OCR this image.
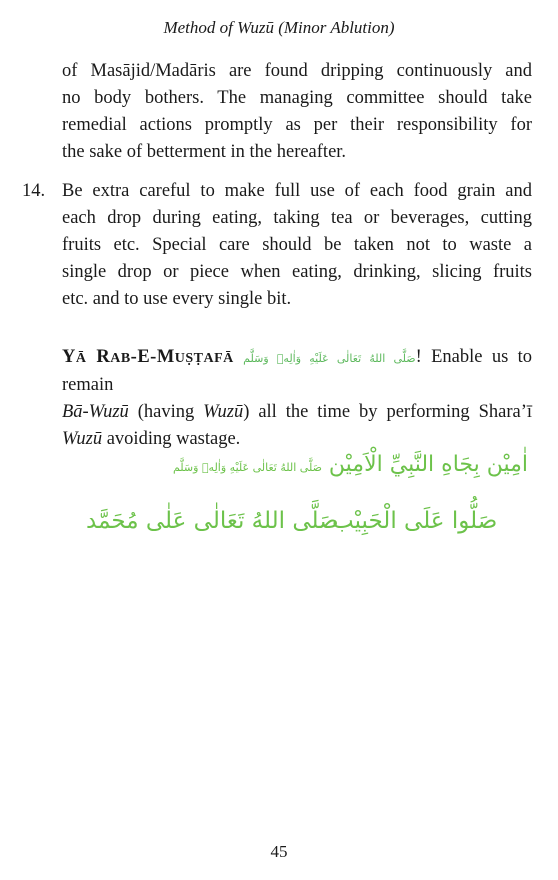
Method of Wuzū (Minor Ablution)
of Masājid/Madāris are found dripping continuously and
no body bothers. The managing committee should take
remedial actions promptly as per their responsibility for
the sake of betterment in the hereafter.
14. Be extra careful to make full use of each food grain and
each drop during eating, taking tea or beverages, cutting
fruits etc. Special care should be taken not to waste a
single drop or piece when eating, drinking, slicing fruits
etc. and to use every single bit.
YĀ RAB-E-MUṢṬAFĀ صَلَّى اللهُ تَعَالٰى عَلَيْهِ وَاٰلِهٖ وَسَلَّم! Enable us to remain
Bā-Wuzū (having Wuzū) all the time by performing Shara’ī
Wuzū avoiding wastage.
اٰمِيْن بِجَاهِ النَّبِيِّ الْاَمِيْن صَلَّى اللهُ تَعَالٰى عَلَيْهِ وَاٰلِهٖ وَسَلَّم
صَلُّوا عَلَى الْحَبِيْب
صَلَّى اللهُ تَعَالٰى عَلٰى مُحَمَّد
45
